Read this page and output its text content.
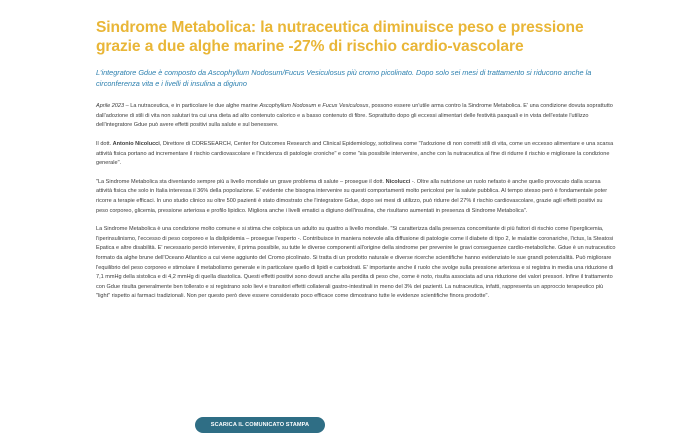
Sindrome Metabolica: la nutraceutica diminuisce peso e pressione grazie a due alghe marine -27% di rischio cardio-vascolare
L'integratore Gdue è composto da Ascophyllum Nodosum/Fucus Vesiculosus più cromo picolinato. Dopo solo sei mesi di trattamento si riducono anche la circonferenza vita e i livelli di insulina a digiuno

Aprile 2023 – La nutraceutica, e in particolare le due alghe marine Ascophyllum Nodosum e Fucus Vesiculosus, possono essere un'utile arma contro la Sindrome Metabolica. E' una condizione dovuta soprattutto dall'adozione di stili di vita non salutari tra cui una dieta ad alto contenuto calorico e a basso contenuto di fibre. Soprattutto dopo gli eccessi alimentari delle festività pasquali e in vista dell'estate l'utilizzo dell'integratore Gdue può avere effetti positivi sulla salute e sul benessere.

Il dott. Antonio Nicolucci, Direttore di CORESEARCH, Center for Outcomes Research and Clinical Epidemiology, sottolinea come "l'adozione di non corretti stili di vita, come un eccesso alimentare e una scarsa attività fisica portano ad incrementare il rischio cardiovascolare e l'incidenza di patologie croniche" e come "sia possibile intervenire, anche con la nutraceutica al fine di ridurre il rischio e migliorare la condizione generale".

"La Sindrome Metabolica sta diventando sempre più a livello mondiale un grave problema di salute – prosegue il dott. Nicolucci -. Oltre alla nutrizione un ruolo nefasto è anche quello provocato dalla scarsa attività fisica che solo in Italia interessa il 36% della popolazione. E' evidente che bisogna intervenire su questi comportamenti molto pericolosi per la salute pubblica. Al tempo stesso però è fondamentale poter ricorre a terapie efficaci. In uno studio clinico su oltre 500 pazienti è stato dimostrato che l'integratore Gdue, dopo sei mesi di utilizzo, può ridurre del 27% il rischio cardiovascolare, grazie agli effetti positivi su peso corporeo, glicemia, pressione arteriosa e profilo lipidico. Migliora anche i livelli ematici a digiuno dell'insulina, che risultano aumentati in presenza di Sindrome Metabolica".

La Sindrome Metabolica è una condizione molto comune e si stima che colpisca un adulto su quattro a livello mondiale. "Si caratterizza dalla presenza concomitante di più fattori di rischio come l'iperglicemia, l'iperinsulinismo, l'eccesso di peso corporeo e la dislipidemia – prosegue l'esperto -. Contribuisce in maniera notevole alla diffusione di patologie come il diabete di tipo 2, le malattie coronariche, l'ictus, la Steatosi Epatica e altre disabilità. E' necessario perciò intervenire, il prima possibile, su tutte le diverse componenti all'origine della sindrome per prevenire le gravi conseguenze cardio-metaboliche. Gdue è un nutraceutico formato da alghe brune dell'Oceano Atlantico a cui viene aggiunto del Cromo picolinato. Si tratta di un prodotto naturale e diverse ricerche scientifiche hanno evidenziato le sue grandi potenzialità. Può migliorare l'equilibrio del peso corporeo e stimolare il metabolismo generale e in particolare quello di lipidi e carboidrati. E' importante anche il ruolo che svolge sulla pressione arteriosa e si registra in media una riduzione di 7,1 mmHg della sistolica e di 4,2 mmHg di quella diastolica. Questi effetti positivi sono dovuti anche alla perdita di peso che, come è noto, risulta associata ad una riduzione dei valori pressori. Infine il trattamento con Gdue risulta generalmente ben tollerato e si registrano solo lievi e transitori effetti collaterali gastro-intestinali in meno del 3% dei pazienti. La nutraceutica, infatti, rappresenta un approccio terapeutico più "light" rispetto ai farmaci tradizionali. Non per questo però deve essere considerato poco efficace come dimostrano tutte le evidenze scientifiche finora prodotte".

SCARICA IL COMUNICATO STAMPA
